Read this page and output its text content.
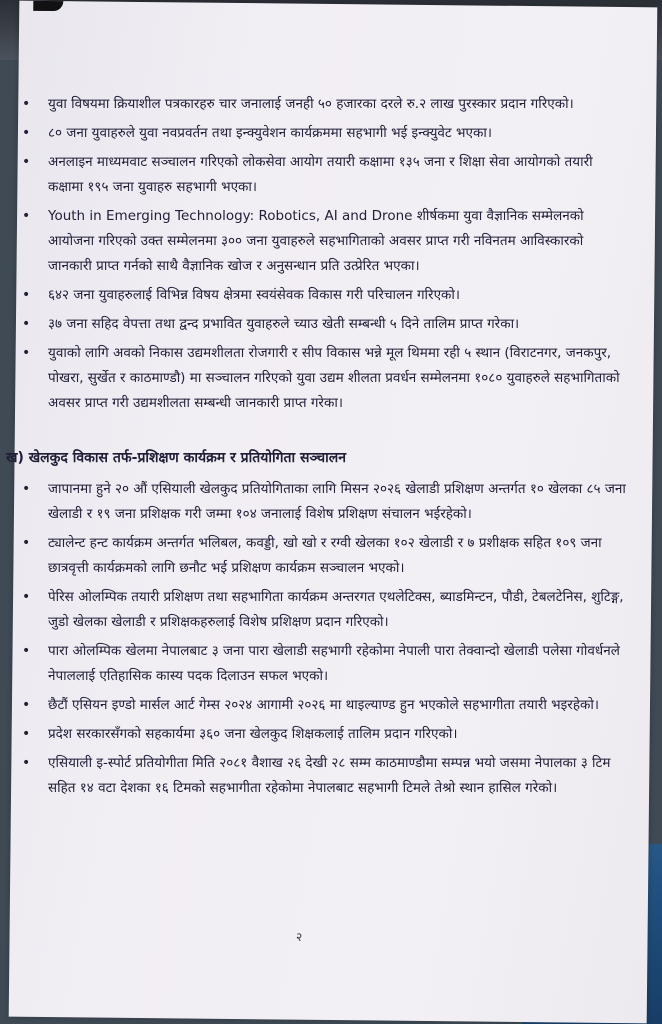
• युवा विषयमा क्रियाशील पत्रकारहरु चार जनालाई जनही ५० हजारका दरले रु.२ लाख पुरस्कार प्रदान गरिएको।
• ८० जना युवाहरुले युवा नवप्रवर्तन तथा इन्क्युवेशन कार्यक्रममा सहभागी भई इन्क्युवेट भएका।
• अनलाइन माध्यमवाट सञ्चालन गरिएको लोकसेवा आयोग तयारी कक्षामा १३५ जना र शिक्षा सेवा आयोगको तयारी कक्षामा १९५ जना युवाहरु सहभागी भएका।
• Youth in Emerging Technology: Robotics, AI and Drone शीर्षकमा युवा वैज्ञानिक सम्मेलनको आयोजना गरिएको उक्त सम्मेलनमा ३०० जना युवाहरुले सहभागिताको अवसर प्राप्त गरी नविनतम आविस्कारको जानकारी प्राप्त गर्नको साथै वैज्ञानिक खोज र अनुसन्धान प्रति उत्प्रेरित भएका।
• ६४२ जना युवाहरुलाई विभिन्न विषय क्षेत्रमा स्वयंसेवक विकास गरी परिचालन गरिएको।
• ३७ जना सहिद वेपत्ता तथा द्वन्द प्रभावित युवाहरुले च्याउ खेती सम्बन्धी ५ दिने तालिम प्राप्त गरेका।
• युवाको लागि अवको निकास उद्यमशीलता रोजगारी र सीप विकास भन्ने मूल थिममा रही ५ स्थान (विराटनगर, जनकपुर, पोखरा, सुर्खेत र काठमाण्डौ) मा सञ्चालन गरिएको युवा उद्यम शीलता प्रवर्धन सम्मेलनमा १०८० युवाहरुले सहभागिताको अवसर प्राप्त गरी उद्यमशीलता सम्बन्धी जानकारी प्राप्त गरेका।
ख) खेलकुद विकास तर्फ-प्रशिक्षण कार्यक्रम र प्रतियोगिता सञ्चालन
• जापानमा हुने २० औं एसियाली खेलकुद प्रतियोगिताका लागि मिसन २०२६ खेलाडी प्रशिक्षण अन्तर्गत १० खेलका ८५ जना खेलाडी र १९ जना प्रशिक्षक गरी जम्मा १०४ जनालाई विशेष प्रशिक्षण संचालन भईरहेको।
• ट्यालेन्ट हन्ट कार्यक्रम अन्तर्गत भलिबल, कवड्डी, खो खो र रग्वी खेलका १०२ खेलाडी र ७ प्रशीक्षक सहित १०९ जना छात्रवृत्ती कार्यक्रमको लागि छनौट भई प्रशिक्षण कार्यक्रम सञ्चालन भएको।
• पेरिस ओलम्पिक तयारी प्रशिक्षण तथा सहभागिता कार्यक्रम अन्तरगत एथलेटिक्स, ब्याडमिन्टन, पौडी, टेबलटेनिस, शुटिङ्ग, जुडो खेलका खेलाडी र प्रशिक्षकहरुलाई विशेष प्रशिक्षण प्रदान गरिएको।
• पारा ओलम्पिक खेलमा नेपालबाट ३ जना पारा खेलाडी सहभागी रहेकोमा नेपाली पारा तेक्वान्दो खेलाडी पलेसा गोवर्धनले नेपाललाई एतिहासिक कास्य पदक दिलाउन सफल भएको।
• छैटौं एसियन इण्डो मार्सल आर्ट गेम्स २०२४ आगामी २०२६ मा थाइल्याण्ड हुन भएकोले सहभागीता तयारी भइरहेको।
• प्रदेश सरकारसँगको सहकार्यमा ३६० जना खेलकुद शिक्षकलाई तालिम प्रदान गरिएको।
• एसियाली इ-स्पोर्ट प्रतियोगीता मिति २०८१ वैशाख २६ देखी २८ सम्म काठमाण्डौमा सम्पन्न भयो जसमा नेपालका ३ टिम सहित १४ वटा देशका १६ टिमको सहभागीता रहेकोमा नेपालबाट सहभागी टिमले तेश्रो स्थान हासिल गरेको।
२
